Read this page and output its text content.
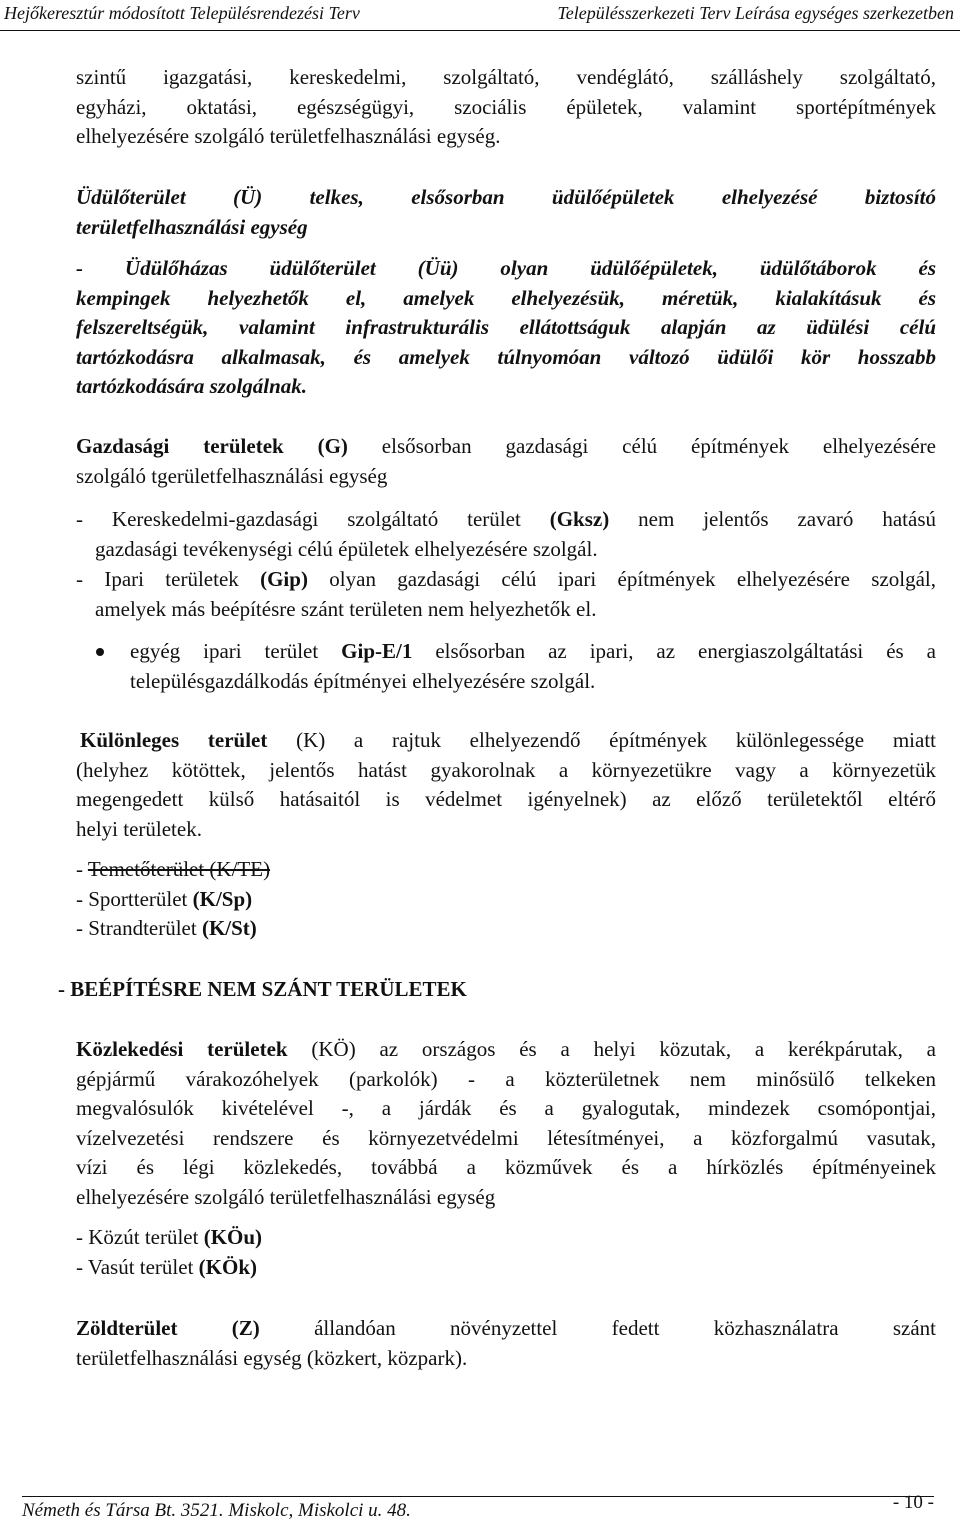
Hejőkeresztúr módosított Településrendezési Terv	Településszerkezeti Terv Leírása egységes szerkezetben
szintű igazgatási, kereskedelmi, szolgáltató, vendéglátó, szálláshely szolgáltató,
egyházi, oktatási, egészségügyi, szociális épületek, valamint sportépítmények
elhelyezésére szolgáló területfelhasználási egység.
Üdülőterület (Ü) telkes, elsősorban üdülőépületek elhelyezésé biztosító
területfelhasználási egység
- Üdülőházas üdülőterület (Üü) olyan üdülőépületek, üdülőtáborok és
kempingek helyezhetők el, amelyek elhelyezésük, méretük, kialakításuk és
felszereltségük, valamint infrastrukturális ellátottságuk alapján az üdülési célú
tartózkodásra alkalmasak, és amelyek túlnyomóan változó üdülői kör hosszabb
tartózkodására szolgálnak.
Gazdasági területek (G) elsősorban gazdasági célú építmények elhelyezésére
szolgáló tgerületfelhasználási egység
- Kereskedelmi-gazdasági szolgáltató terület (Gksz) nem jelentős zavaró hatású
gazdasági tevékenységi célú épületek elhelyezésére szolgál.
- Ipari területek (Gip) olyan gazdasági célú ipari építmények elhelyezésére szolgál,
amelyek más beépítésre szánt területen nem helyezhetők el.
egyég ipari terület Gip-E/1 elsősorban az ipari, az energiaszolgáltatási és a
településgazdálkodás építményei elhelyezésére szolgál.
Különleges terület (K) a rajtuk elhelyezendő építmények különlegessége miatt
(helyhez kötöttek, jelentős hatást gyakorolnak a környezetükre vagy a környezetük
megengedett külső hatásaitól is védelmet igényelnek) az előző területektől eltérő
helyi területek.
- Temetőterület (K/TE)
- Sportterület (K/Sp)
- Strandterület (K/St)
- BEÉPÍTÉSRE NEM SZÁNT TERÜLETEK
Közlekedési területek (KÖ) az országos és a helyi közutak, a kerékpárutak, a
gépjármű várakozóhelyek (parkolók) - a közterületnek nem minősülő telkeken
megvalósulók kivételével -, a járdák és a gyalogutak, mindezek csomópontjai,
vízelvezetési rendszere és környezetvédelmi létesítményei, a közforgalmú vasutak,
vízi és légi közlekedés, továbbá a közművek és a hírközlés építményeinek
elhelyezésére szolgáló területfelhasználási egység
- Közút terület (KÖu)
- Vasút terület (KÖk)
Zöldterület (Z) állandóan növényzettel fedett közhasználatra szánt
területfelhasználási egység (közkert, közpark).
Németh és Társa Bt. 3521. Miskolc, Miskolci u. 48.	- 10 -
